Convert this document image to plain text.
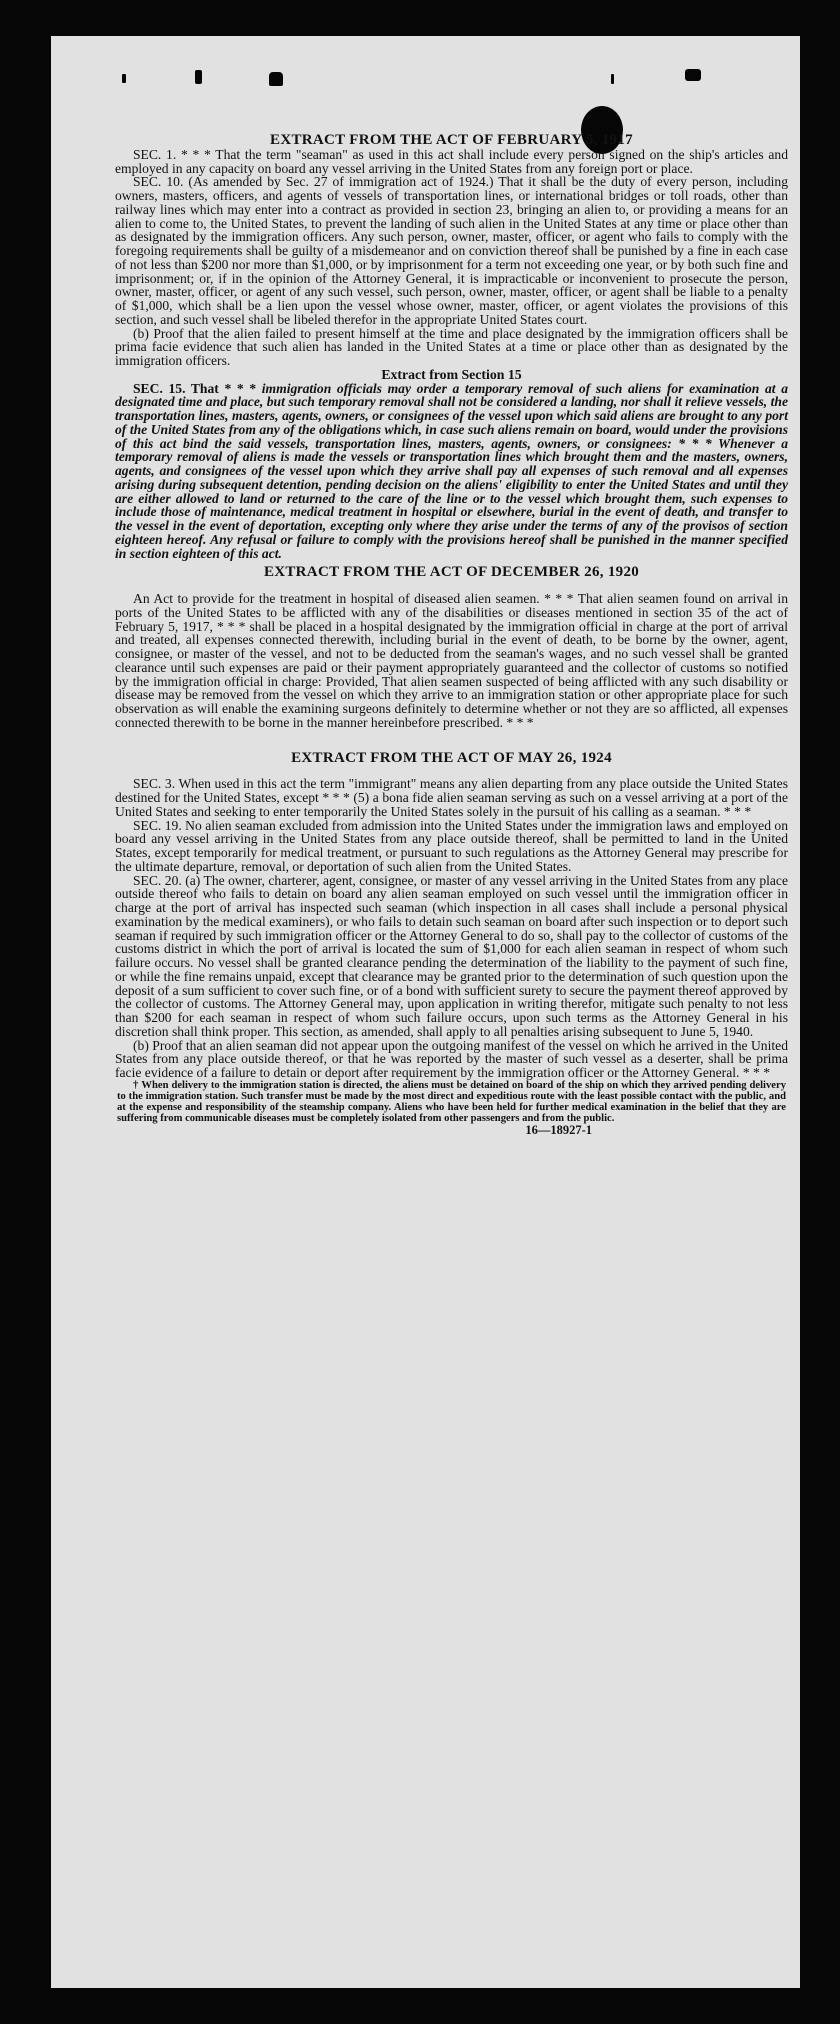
EXTRACT FROM THE ACT OF FEBRUARY 5, 1917

SEC. 1. * * * That the term "seaman" as used in this act shall include every person signed on the ship's articles and employed in any capacity on board any vessel arriving in the United States from any foreign port or place.

SEC. 10. (As amended by Sec. 27 of immigration act of 1924.) That it shall be the duty of every person, including owners, masters, officers, and agents of vessels of transportation lines, or international bridges or toll roads, other than railway lines which may enter into a contract as provided in section 23, bringing an alien to, or providing a means for an alien to come to, the United States, to prevent the landing of such alien in the United States at any time or place other than as designated by the immigration officers. Any such person, owner, master, officer, or agent who fails to comply with the foregoing requirements shall be guilty of a misdemeanor and on conviction thereof shall be punished by a fine in each case of not less than $200 nor more than $1,000, or by imprisonment for a term not exceeding one year, or by both such fine and imprisonment; or, if in the opinion of the Attorney General, it is impracticable or inconvenient to prosecute the person, owner, master, officer, or agent of any such vessel, such person, owner, master, officer, or agent shall be liable to a penalty of $1,000, which shall be a lien upon the vessel whose owner, master, officer, or agent violates the provisions of this section, and such vessel shall be libeled therefor in the appropriate United States court.

(b) Proof that the alien failed to present himself at the time and place designated by the immigration officers shall be prima facie evidence that such alien has landed in the United States at a time or place other than as designated by the immigration officers.

Extract from Section 15

SEC. 15. That * * * immigration officials may order a temporary removal of such aliens for examination at a designated time and place, but such temporary removal shall not be considered a landing, nor shall it relieve vessels, the transportation lines, masters, agents, owners, or consignees of the vessel upon which said aliens are brought to any port of the United States from any of the obligations which, in case such aliens remain on board, would under the provisions of this act bind the said vessels, transportation lines, masters, agents, owners, or consignees: * * * Whenever a temporary removal of aliens is made the vessels or transportation lines which brought them and the masters, owners, agents, and consignees of the vessel upon which they arrive shall pay all expenses of such removal and all expenses arising during subsequent detention, pending decision on the aliens' eligibility to enter the United States and until they are either allowed to land or returned to the care of the line or to the vessel which brought them, such expenses to include those of maintenance, medical treatment in hospital or elsewhere, burial in the event of death, and transfer to the vessel in the event of deportation, excepting only where they arise under the terms of any of the provisos of section eighteen hereof. Any refusal or failure to comply with the provisions hereof shall be punished in the manner specified in section eighteen of this act.

EXTRACT FROM THE ACT OF DECEMBER 26, 1920

An Act to provide for the treatment in hospital of diseased alien seamen. * * * That alien seamen found on arrival in ports of the United States to be afflicted with any of the disabilities or diseases mentioned in section 35 of the act of February 5, 1917, * * * shall be placed in a hospital designated by the immigration official in charge at the port of arrival and treated, all expenses connected therewith, including burial in the event of death, to be borne by the owner, agent, consignee, or master of the vessel, and not to be deducted from the seaman's wages, and no such vessel shall be granted clearance until such expenses are paid or their payment appropriately guaranteed and the collector of customs so notified by the immigration official in charge: Provided, That alien seamen suspected of being afflicted with any such disability or disease may be removed from the vessel on which they arrive to an immigration station or other appropriate place for such observation as will enable the examining surgeons definitely to determine whether or not they are so afflicted, all expenses connected therewith to be borne in the manner hereinbefore prescribed. * * *

EXTRACT FROM THE ACT OF MAY 26, 1924

SEC. 3. When used in this act the term "immigrant" means any alien departing from any place outside the United States destined for the United States, except * * * (5) a bona fide alien seaman serving as such on a vessel arriving at a port of the United States and seeking to enter temporarily the United States solely in the pursuit of his calling as a seaman. * * *

SEC. 19. No alien seaman excluded from admission into the United States under the immigration laws and employed on board any vessel arriving in the United States from any place outside thereof, shall be permitted to land in the United States, except temporarily for medical treatment, or pursuant to such regulations as the Attorney General may prescribe for the ultimate departure, removal, or deportation of such alien from the United States.

SEC. 20. (a) The owner, charterer, agent, consignee, or master of any vessel arriving in the United States from any place outside thereof who fails to detain on board any alien seaman employed on such vessel until the immigration officer in charge at the port of arrival has inspected such seaman (which inspection in all cases shall include a personal physical examination by the medical examiners), or who fails to detain such seaman on board after such inspection or to deport such seaman if required by such immigration officer or the Attorney General to do so, shall pay to the collector of customs of the customs district in which the port of arrival is located the sum of $1,000 for each alien seaman in respect of whom such failure occurs. No vessel shall be granted clearance pending the determination of the liability to the payment of such fine, or while the fine remains unpaid, except that clearance may be granted prior to the determination of such question upon the deposit of a sum sufficient to cover such fine, or of a bond with sufficient surety to secure the payment thereof approved by the collector of customs. The Attorney General may, upon application in writing therefor, mitigate such penalty to not less than $200 for each seaman in respect of whom such failure occurs, upon such terms as the Attorney General in his discretion shall think proper. This section, as amended, shall apply to all penalties arising subsequent to June 5, 1940.

(b) Proof that an alien seaman did not appear upon the outgoing manifest of the vessel on which he arrived in the United States from any place outside thereof, or that he was reported by the master of such vessel as a deserter, shall be prima facie evidence of a failure to detain or deport after requirement by the immigration officer or the Attorney General. * * *

† When delivery to the immigration station is directed, the aliens must be detained on board of the ship on which they arrived pending delivery to the immigration station. Such transfer must be made by the most direct and expeditious route with the least possible contact with the public, and at the expense and responsibility of the steamship company. Aliens who have been held for further medical examination in the belief that they are suffering from communicable diseases must be completely isolated from other passengers and from the public.

16—18927-1
